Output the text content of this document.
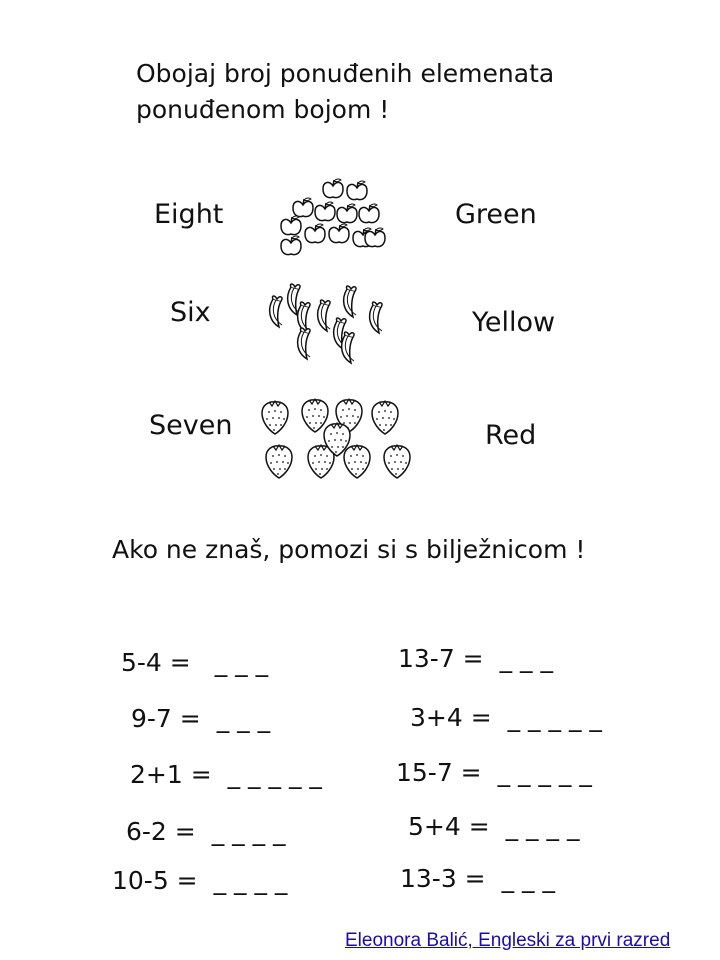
Obojaj broj ponuđenih elemenata
ponuđenom bojom !
Eight	Green
Six	Yellow
Seven	Red
Ako ne znaš, pomozi si s bilježnicom !
5-4 = _ _ _
9-7 = _ _ _
2+1 = _ _ _ _ _
6-2 = _ _ _ _
10-5 = _ _ _ _
13-7 = _ _ _
3+4 = _ _ _ _ _
15-7 = _ _ _ _ _
5+4 = _ _ _ _
13-3 = _ _ _
Eleonora Balić, Engleski za prvi razred
